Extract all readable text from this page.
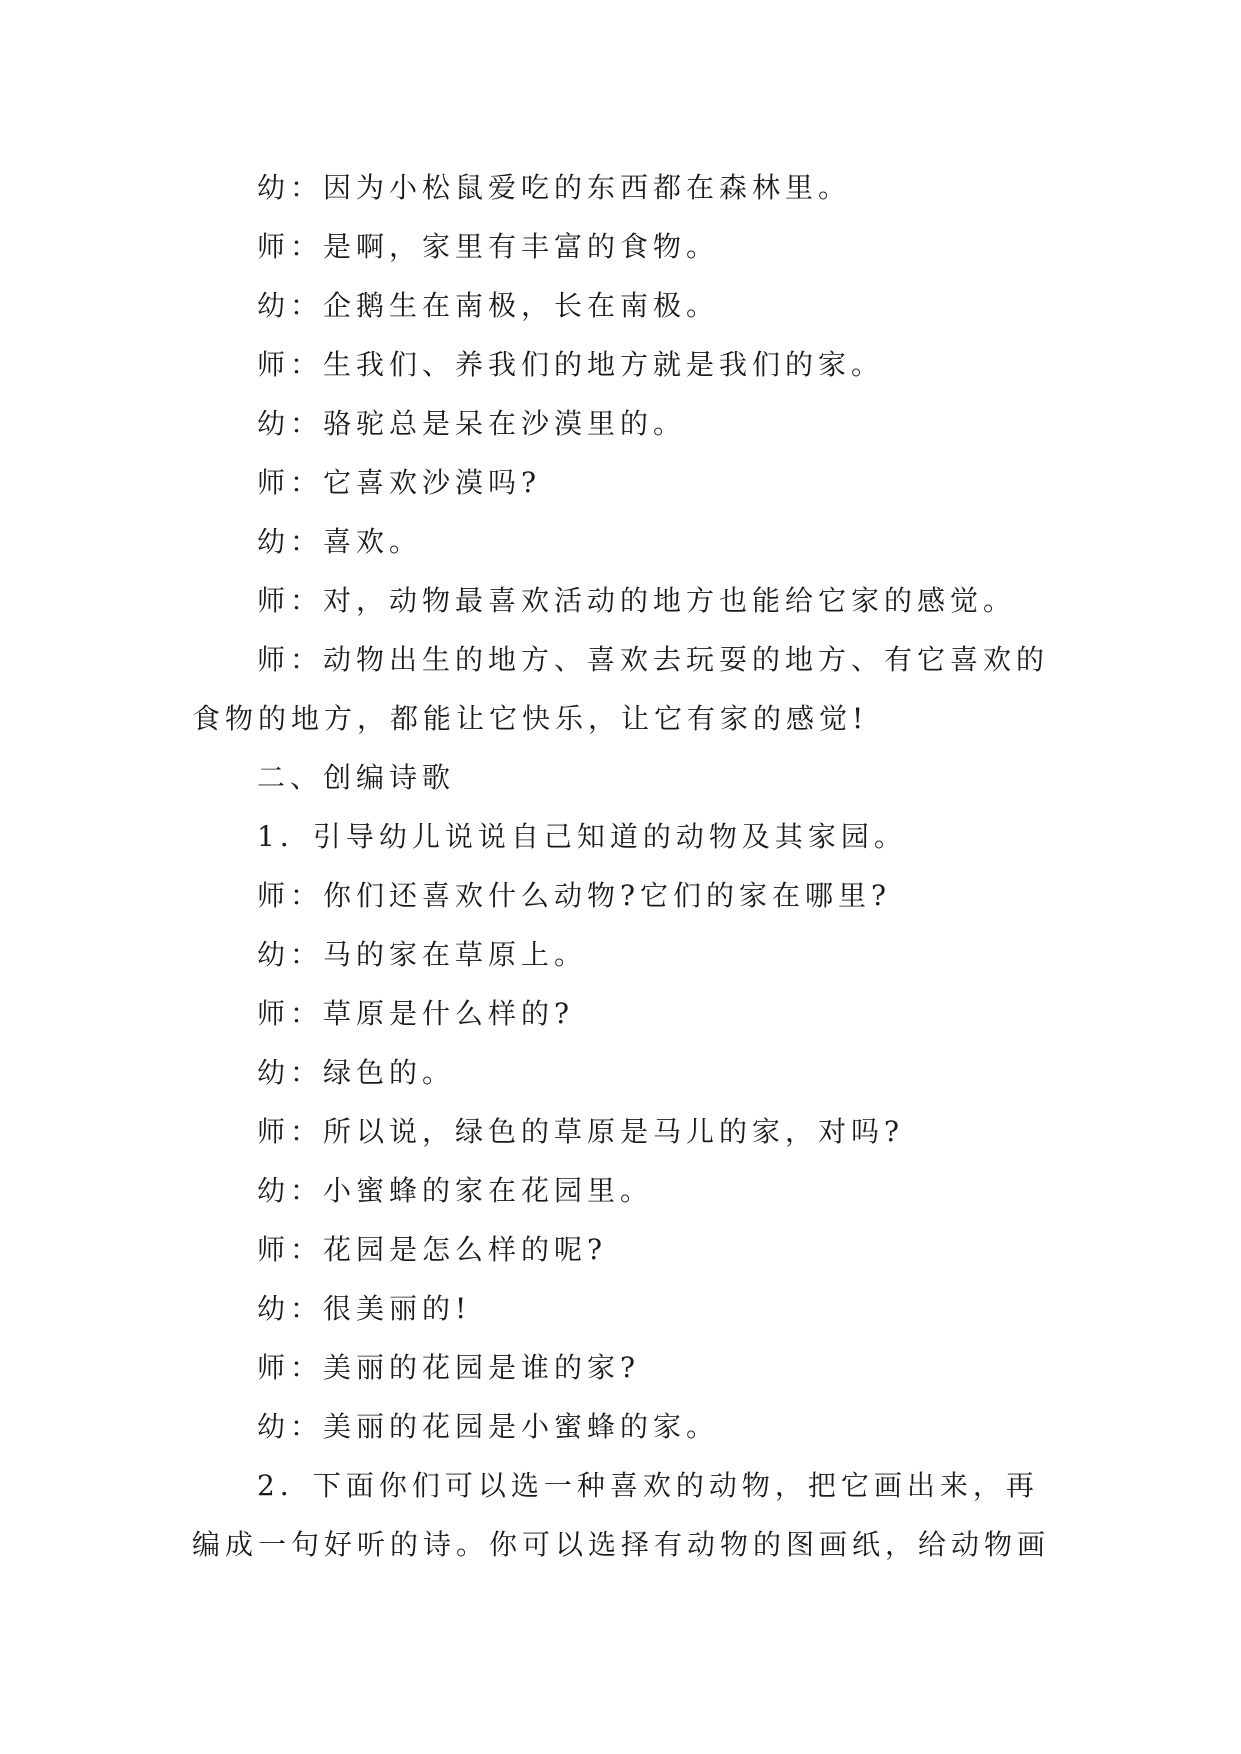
幼：因为小松鼠爱吃的东西都在森林里。
师：是啊，家里有丰富的食物。
幼：企鹅生在南极，长在南极。
师：生我们、养我们的地方就是我们的家。
幼：骆驼总是呆在沙漠里的。
师：它喜欢沙漠吗?
幼：喜欢。
师：对，动物最喜欢活动的地方也能给它家的感觉。
师：动物出生的地方、喜欢去玩耍的地方、有它喜欢的
食物的地方，都能让它快乐，让它有家的感觉!
二、创编诗歌
1．引导幼儿说说自己知道的动物及其家园。
师：你们还喜欢什么动物?它们的家在哪里?
幼：马的家在草原上。
师：草原是什么样的?
幼：绿色的。
师：所以说，绿色的草原是马儿的家，对吗?
幼：小蜜蜂的家在花园里。
师：花园是怎么样的呢?
幼：很美丽的!
师：美丽的花园是谁的家?
幼：美丽的花园是小蜜蜂的家。
2．下面你们可以选一种喜欢的动物，把它画出来，再
编成一句好听的诗。你可以选择有动物的图画纸，给动物画
